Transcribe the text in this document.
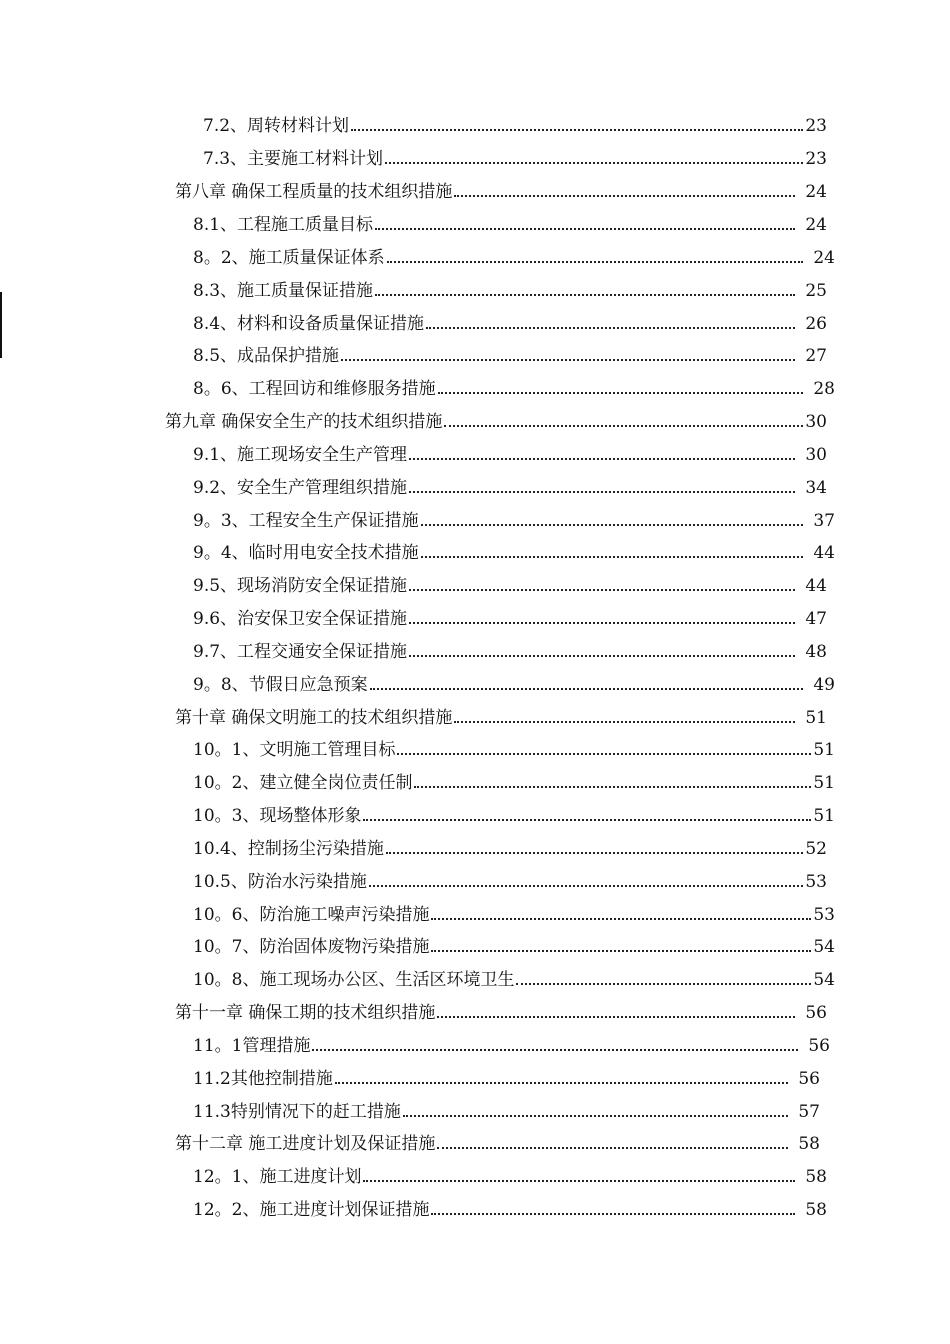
7.2、周转材料计划	23
7.3、主要施工材料计划	23
第八章 确保工程质量的技术组织措施	24
8.1、工程施工质量目标	24
8。2、施工质量保证体系	24
8.3、施工质量保证措施	25
8.4、材料和设备质量保证措施	26
8.5、成品保护措施	27
8。6、工程回访和维修服务措施	28
第九章 确保安全生产的技术组织措施	30
9.1、施工现场安全生产管理	30
9.2、安全生产管理组织措施	34
9。3、工程安全生产保证措施	37
9。4、临时用电安全技术措施	44
9.5、现场消防安全保证措施	44
9.6、治安保卫安全保证措施	47
9.7、工程交通安全保证措施	48
9。8、节假日应急预案	49
第十章 确保文明施工的技术组织措施	51
10。1、文明施工管理目标	51
10。2、建立健全岗位责任制	51
10。3、现场整体形象	51
10.4、控制扬尘污染措施	52
10.5、防治水污染措施	53
10。6、防治施工噪声污染措施	53
10。7、防治固体废物污染措施	54
10。8、施工现场办公区、生活区环境卫生	54
第十一章 确保工期的技术组织措施	56
11。1管理措施	56
11.2其他控制措施	56
11.3特别情况下的赶工措施	57
第十二章 施工进度计划及保证措施	58
12。1、施工进度计划	58
12。2、施工进度计划保证措施	58
